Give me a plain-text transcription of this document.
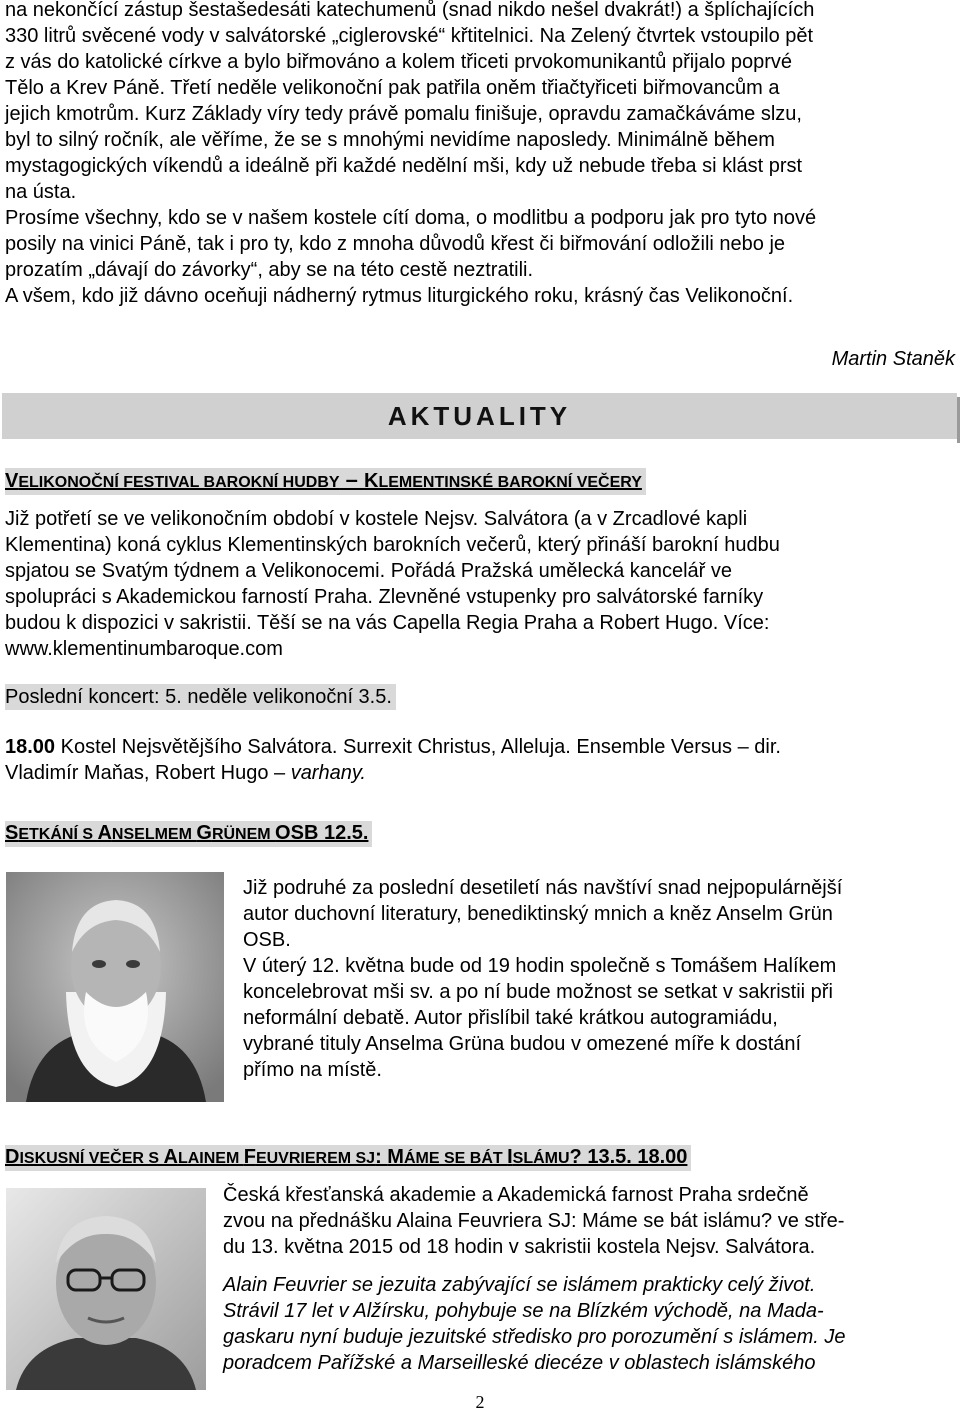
na nekončící zástup šestašedesáti katechumenů (snad nikdo nešel dvakrát!) a šplíchajících
330 litrů svěcené vody v salvátorské „ciglerovské“ křtitelnici. Na Zelený čtvrtek vstoupilo pět
z vás do katolické církve a bylo biřmováno a kolem třiceti prvokomunikantů přijalo poprvé
Tělo a Krev Páně. Třetí neděle velikonoční pak patřila oněm třiačtyřiceti biřmovancům a
jejich kmotrům. Kurz Základy víry tedy právě pomalu finišuje, opravdu zamačkáváme slzu,
byl to silný ročník, ale věříme, že se s mnohými nevidíme naposledy. Minimálně během
mystagogických víkendů a ideálně při každé nedělní mši, kdy už nebude třeba si klást prst
na ústa.
Prosíme všechny, kdo se v našem kostele cítí doma, o modlitbu a podporu jak pro tyto nové
posily na vinici Páně, tak i pro ty, kdo z mnoha důvodů křest či biřmování odložili nebo je
prozatím „dávají do závorky“, aby se na této cestě neztratili.
A všem, kdo již dávno oceňuji nádherný rytmus liturgického roku, krásný čas Velikonoční.
Martin Staněk
AKTUALITY
VELIKONOČNÍ FESTIVAL BAROKNÍ HUDBY – KLEMENTINSKÉ BAROKNÍ VEČERY
Již potřetí se ve velikonočním období v kostele Nejsv. Salvátora (a v Zrcadlové kapli
Klementina) koná cyklus Klementinských barokních večerů, který přináší barokní hudbu
spjatou se Svatým týdnem a Velikonocemi. Pořádá Pražská umělecká kancelář ve
spolupráci s Akademickou farností Praha. Zlevněné vstupenky pro salvátorské farníky
budou k dispozici v sakristii. Těší se na vás Capella Regia Praha a Robert Hugo. Více:
www.klementinumbaroque.com
Poslední koncert: 5. neděle velikonoční 3.5.
18.00 Kostel Nejsvětějšího Salvátora. Surrexit Christus, Alleluja. Ensemble Versus – dir.
Vladimír Maňas, Robert Hugo – varhany.
SETKÁNÍ S ANSELMEM GRÜNEM OSB 12.5.
Již podruhé za poslední desetiletí nás navštíví snad nejpopulárnější
autor duchovní literatury, benediktinský mnich a kněz Anselm Grün
OSB.
V úterý 12. května bude od 19 hodin společně s Tomášem Halíkem
koncelebrovat mši sv. a po ní bude možnost se setkat v sakristii při
neformální debatě. Autor přislíbil také krátkou autogramiádu,
vybrané tituly Anselma Grüna budou v omezené míře k dostání
přímo na místě.
DISKUSNÍ VEČER S ALAINEM FEUVRIEREM SJ: MÁME SE BÁT ISLÁMU? 13.5. 18.00
Česká křesťanská akademie a Akademická farnost Praha srdečně
zvou na přednášku Alaina Feuvriera SJ: Máme se bát islámu? ve stře-
du 13. května 2015 od 18 hodin v sakristii kostela Nejsv. Salvátora.
Alain Feuvrier se jezuita zabývající se islámem prakticky celý život.
Strávil 17 let v Alžírsku, pohybuje se na Blízkém východě, na Mada-
gaskaru nyní buduje jezuitské středisko pro porozumění s islámem. Je
poradcem Pařížské a Marseilleské diecéze v oblastech islámského
2
